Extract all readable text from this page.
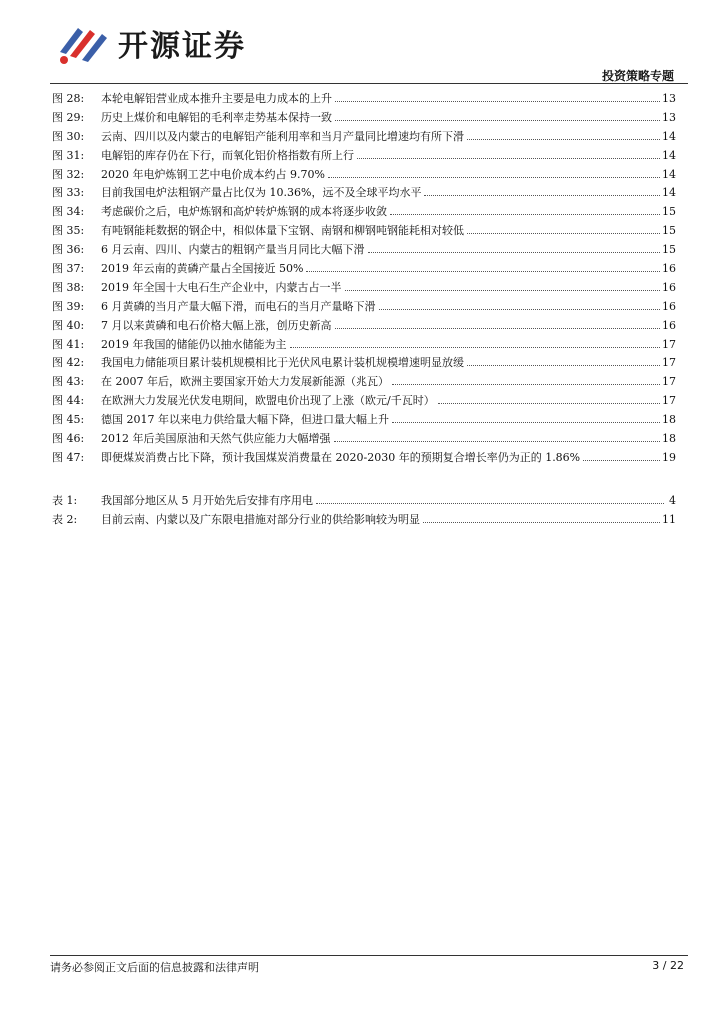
开源证券
投资策略专题
图 28:	本轮电解铝营业成本推升主要是电力成本的上升	13
图 29:	历史上煤价和电解铝的毛利率走势基本保持一致	13
图 30:	云南、四川以及内蒙古的电解铝产能利用率和当月产量同比增速均有所下滑	14
图 31:	电解铝的库存仍在下行，而氧化铝价格指数有所上行	14
图 32:	2020 年电炉炼钢工艺中电价成本约占 9.70%	14
图 33:	目前我国电炉法粗钢产量占比仅为 10.36%，远不及全球平均水平	14
图 34:	考虑碳价之后，电炉炼钢和高炉转炉炼钢的成本将逐步收敛	15
图 35:	有吨钢能耗数据的钢企中，相似体量下宝钢、南钢和柳钢吨钢能耗相对较低	15
图 36:	6 月云南、四川、内蒙古的粗钢产量当月同比大幅下滑	15
图 37:	2019 年云南的黄磷产量占全国接近 50%	16
图 38:	2019 年全国十大电石生产企业中，内蒙古占一半	16
图 39:	6 月黄磷的当月产量大幅下滑，而电石的当月产量略下滑	16
图 40:	7 月以来黄磷和电石价格大幅上涨，创历史新高	16
图 41:	2019 年我国的储能仍以抽水储能为主	17
图 42:	我国电力储能项目累计装机规模相比于光伏风电累计装机规模增速明显放缓	17
图 43:	在 2007 年后，欧洲主要国家开始大力发展新能源（兆瓦）	17
图 44:	在欧洲大力发展光伏发电期间，欧盟电价出现了上涨（欧元/千瓦时）	17
图 45:	德国 2017 年以来电力供给量大幅下降，但进口量大幅上升	18
图 46:	2012 年后美国原油和天然气供应能力大幅增强	18
图 47:	即便煤炭消费占比下降，预计我国煤炭消费量在 2020-2030 年的预期复合增长率仍为正的 1.86%	19
表 1:	我国部分地区从 5 月开始先后安排有序用电	4
表 2:	目前云南、内蒙以及广东限电措施对部分行业的供给影响较为明显	11
请务必参阅正文后面的信息披露和法律声明	3 / 22
